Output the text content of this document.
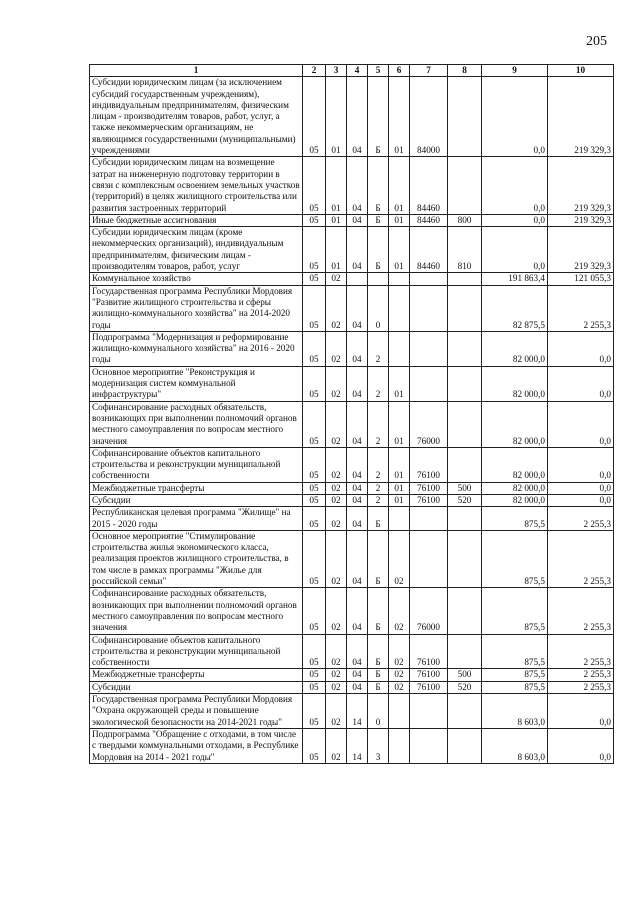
205
1	2	3	4	5	6	7	8	9	10
Субсидии юридическим лицам (за исключением субсидий государственным учреждениям), индивидуальным предпринимателям, физическим лицам - производителям товаров, работ, услуг, а также некоммерческим организациям, не являющимся государственными (муниципальными) учреждениями	05	01	04	Б	01	84000		0,0	219 329,3
Субсидии юридическим лицам на возмещение затрат на инженерную подготовку территории в связи с комплексным освоением земельных участков (территорий) в целях жилищного строительства или развития застроенных территорий	05	01	04	Б	01	84460		0,0	219 329,3
Иные бюджетные ассигнования	05	01	04	Б	01	84460	800	0,0	219 329,3
Субсидии юридическим лицам (кроме некоммерческих организаций), индивидуальным предпринимателям, физическим лицам - производителям товаров, работ, услуг	05	01	04	Б	01	84460	810	0,0	219 329,3
Коммунальное хозяйство	05	02						191 863,4	121 055,3
Государственная программа Республики Мордовия "Развитие жилищного строительства и сферы жилищно-коммунального хозяйства" на 2014-2020 годы	05	02	04	0				82 875,5	2 255,3
Подпрограмма "Модернизация и реформирование жилищно-коммунального хозяйства" на 2016 - 2020 годы	05	02	04	2				82 000,0	0,0
Основное мероприятие "Реконструкция и модернизация систем коммунальной инфраструктуры"	05	02	04	2	01			82 000,0	0,0
Софинансирование расходных обязательств, возникающих при выполнении полномочий органов местного самоуправления по вопросам местного значения	05	02	04	2	01	76000		82 000,0	0,0
Софинансирование объектов капитального строительства и реконструкции муниципальной собственности	05	02	04	2	01	76100		82 000,0	0,0
Межбюджетные трансферты	05	02	04	2	01	76100	500	82 000,0	0,0
Субсидии	05	02	04	2	01	76100	520	82 000,0	0,0
Республиканская целевая программа "Жилище" на 2015 - 2020 годы	05	02	04	Б				875,5	2 255,3
Основное мероприятие "Стимулирование строительства жилья экономического класса, реализация проектов жилищного строительства, в том числе в рамках программы "Жилье для российской семьи"	05	02	04	Б	02			875,5	2 255,3
Софинансирование расходных обязательств, возникающих при выполнении полномочий органов местного самоуправления по вопросам местного значения	05	02	04	Б	02	76000		875,5	2 255,3
Софинансирование объектов капитального строительства и реконструкции муниципальной собственности	05	02	04	Б	02	76100		875,5	2 255,3
Межбюджетные трансферты	05	02	04	Б	02	76100	500	875,5	2 255,3
Субсидии	05	02	04	Б	02	76100	520	875,5	2 255,3
Государственная программа Республики Мордовия "Охрана окружающей среды и повышение экологической безопасности на 2014-2021 годы"	05	02	14	0				8 603,0	0,0
Подпрограмма "Обращение с отходами, в том числе с твердыми коммунальными отходами, в Республике Мордовия на 2014 - 2021 годы"	05	02	14	3				8 603,0	0,0
